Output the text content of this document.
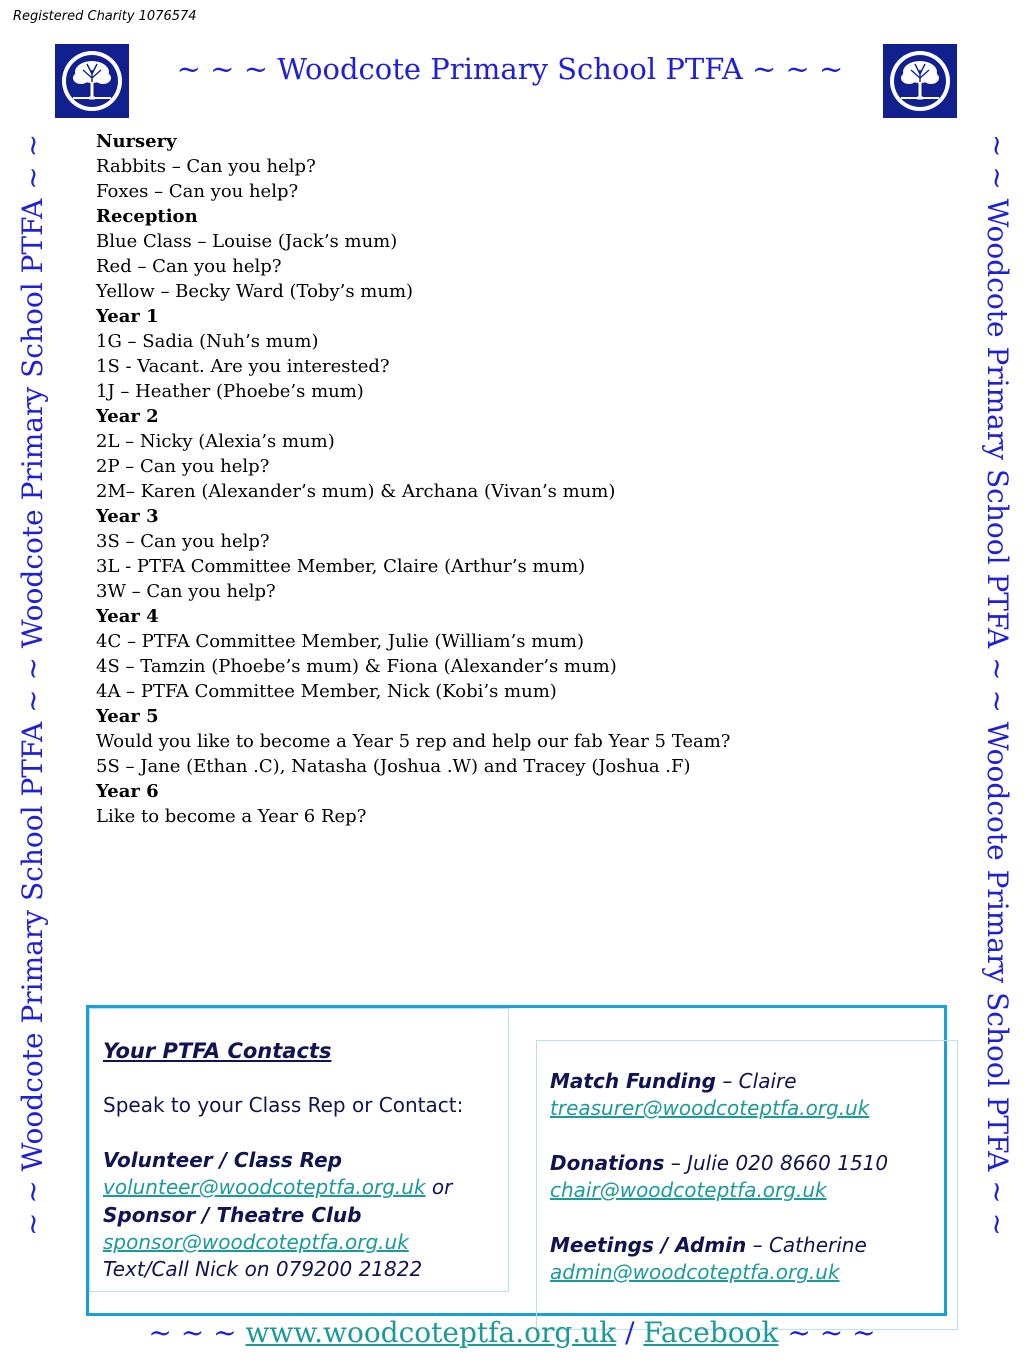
Registered Charity 1076574
~ ~ ~ Woodcote Primary School PTFA ~ ~ ~
~ ~ Woodcote Primary School PTFA ~ ~ Woodcote Primary School PTFA ~ ~	~ ~ Woodcote Primary School PTFA ~ ~ Woodcote Primary School PTFA ~ ~
Nursery
Rabbits – Can you help?
Foxes – Can you help?
Reception
Blue Class – Louise (Jack’s mum)
Red – Can you help?
Yellow – Becky Ward (Toby’s mum)
Year 1
1G – Sadia (Nuh’s mum)
1S - Vacant. Are you interested?
1J – Heather (Phoebe’s mum)
Year 2
2L – Nicky (Alexia’s mum)
2P – Can you help?
2M– Karen (Alexander’s mum) & Archana (Vivan’s mum)
Year 3
3S – Can you help?
3L - PTFA Committee Member, Claire (Arthur’s mum)
3W – Can you help?
Year 4
4C – PTFA Committee Member, Julie (William’s mum)
4S – Tamzin (Phoebe’s mum) & Fiona (Alexander’s mum)
4A – PTFA Committee Member, Nick (Kobi’s mum)
Year 5
Would you like to become a Year 5 rep and help our fab Year 5 Team?
5S – Jane (Ethan .C), Natasha (Joshua .W) and Tracey (Joshua .F)
Year 6
Like to become a Year 6 Rep?
Your PTFA Contacts
Speak to your Class Rep or Contact:
Volunteer / Class Rep
volunteer@woodcoteptfa.org.uk or
Sponsor / Theatre Club
sponsor@woodcoteptfa.org.uk
Text/Call Nick on 079200 21822
Match Funding – Claire
treasurer@woodcoteptfa.org.uk
Donations – Julie 020 8660 1510
chair@woodcoteptfa.org.uk
Meetings / Admin – Catherine
admin@woodcoteptfa.org.uk
~ ~ ~ www.woodcoteptfa.org.uk / Facebook ~ ~ ~
